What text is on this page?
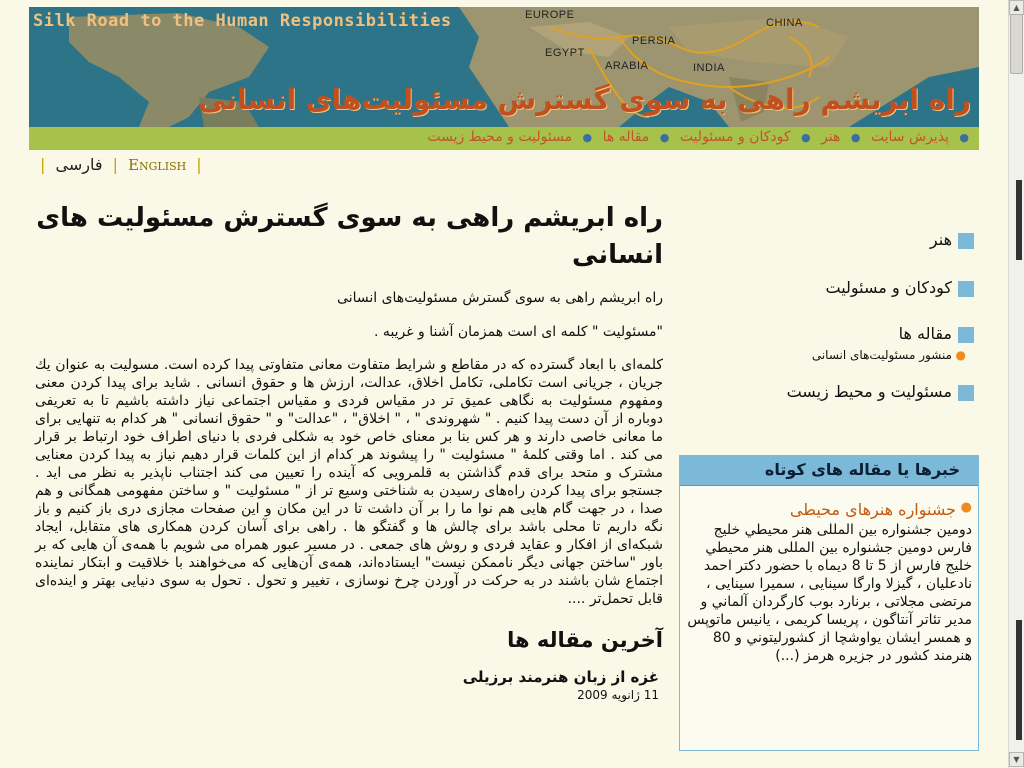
▲
▼
Silk Road to the Human Responsibilities	EUROPE
EGYPT
PERSIA
ARABIA	INDIA
CHINA
راه ابریشم راهی به سوی گسترش مسئولیت‌های انسانی
● پذیرش سایت ● هنر ● کودکان و مسئولیت ● مقاله ها ● مسئولیت و محیط زیست
| فارسی | English |
راه ابریشم راهی به سوی گسترش مسئولیت های انسانی

راه ابریشم راهی به سوی گسترش مسئولیت‌های انسانی

"مسئولیت " کلمه ای است همزمان آشنا و غریبه .

کلمه‌ای با ابعاد گسترده که در مقاطع و شرایط متفاوت معانی متفاوتی پیدا کرده است. مسولیت به عنوان یك جریان ، جریانی است تكاملی، تکامل اخلاق، عدالت، ارزش ها و حقوق انسانی . شاید برای پیدا کردن معنی ومفهوم مسئولیت به نگاهی عمیق تر در مقیاس فردی و مقیاس اجتماعی نیاز داشته باشیم تا به تعریفی دوباره از آن دست پیدا کنیم . " شهروندی " ، " اخلاق" ، "عدالت" و " حقوق انسانی " هر کدام به تنهایی برای ما معانی خاصی دارند و هر کس بنا بر معنای خاص خود به شکلی فردی با دنیای اطراف خود ارتباط بر قرار می کند . اما وقتی کلمهٔ " مسئولیت " را پیشوند هر کدام از این کلمات قرار دهیم نیاز به پیدا کردن معنایی مشترک و متحد برای قدم گذاشتن به قلمرویی که آینده را تعیین می کند اجتناب ناپذیر به نظر می اید . جستجو برای پیدا کردن راه‌های رسیدن به شناختی وسیع تر از " مسئولیت " و ساختن مفهومی همگانی و هم صدا ، در جهت گام هایی هم نوا ما را بر آن داشت تا در این مکان و این صفحات مجازی دری باز کنیم و باز نگه داریم تا محلی باشد برای چالش ها و گفتگو ها . راهی برای آسان کردن همکاری های متقابل، ایجاد شبکه‌ای از افکار و عقاید فردی و روش های جمعی . در مسیر عبور همراه می شویم با همه‌ی آن هایی که بر باور "ساختن جهانی دیگر ناممکن نیست" ایستاده‌اند، همه‌ی آن‌هایی که می‌خواهند با خلاقیت و ابتکار نماینده اجتماع شان باشند در به حرکت در آوردن چرخ نوسازی ، تغییر و تحول . تحول به سوی دنیایی بهتر و اینده‌ای قابل تحمل‌تر ....

آخرین مقاله ها
غزه از زبان هنرمند برزیلی
11 ژانویه 2009
هنر
کودکان و مسئولیت
مقاله ها
●
منشور مسئولیت‌های انسانی
مسئولیت و محیط زیست
خبرها یا مقاله های کوتاه
●
جشنواره هنرهای محیطی

دومین جشنواره بین المللی هنر محیطي خلیج فارس دومین جشنواره بین المللی هنر محیطي خلیج فارس از 5 تا 8 دیماه با حضور دکتر احمد نادعلیان ، گیزلا وارگا سینایی ، سمیرا سینایی ، مرتضی مجلاتی ، برنارد بوب کارگردان آلماني و مدير تئاتر آنتاگون ، پریسا کریمی ، یانیس ماتوپس و همسر ایشان یواوشچا از کشورليتوني و 80 هنرمند کشور در جزیره هرمز (...)
